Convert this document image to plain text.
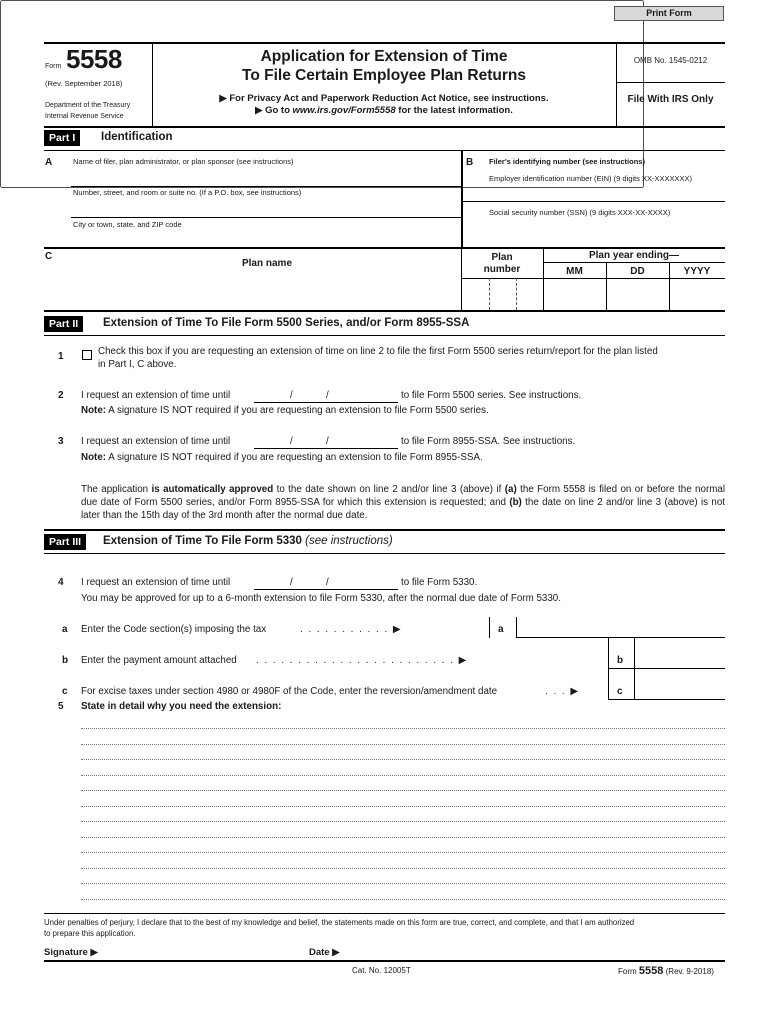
Print Form
Form 5558
(Rev. September 2018)
Department of the Treasury
Internal Revenue Service
Application for Extension of Time
To File Certain Employee Plan Returns
▶ For Privacy Act and Paperwork Reduction Act Notice, see instructions.
▶ Go to www.irs.gov/Form5558 for the latest information.
OMB No. 1545-0212
File With IRS Only
Part I	Identification
A	Name of filer, plan administrator, or plan sponsor (see instructions)
Number, street, and room or suite no. (If a P.O. box, see instructions)
City or town, state, and ZIP code
B Filer's identifying number (see instructions)
Employer identification number (EIN) (9 digits XX-XXXXXXX)
Social security number (SSN) (9 digits XXX-XX-XXXX)
C
Plan name
Plan
number
Plan year ending—
MM	DD	YYYY
Part II	Extension of Time To File Form 5500 Series, and/or Form 8955-SSA
1	Check this box if you are requesting an extension of time on line 2 to file the first Form 5500 series return/report for the plan listed
in Part I, C above.
2 I request an extension of time until	/	/	to file Form 5500 series. See instructions.
Note: A signature IS NOT required if you are requesting an extension to file Form 5500 series.
3 I request an extension of time until	/	/	to file Form 8955-SSA. See instructions.
Note: A signature IS NOT required if you are requesting an extension to file Form 8955-SSA.
The application is automatically approved to the date shown on line 2 and/or line 3 (above) if (a) the Form 5558 is filed on or before the normal due date of Form 5500 series, and/or Form 8955-SSA for which this extension is requested; and (b) the date on line 2 and/or line 3 (above) is not later than the 15th day of the 3rd month after the normal due date.
Part III	Extension of Time To File Form 5330 (see instructions)
4 I request an extension of time until	/	/	to file Form 5330.
You may be approved for up to a 6-month extension to file Form 5330, after the normal due date of Form 5330.
a Enter the Code section(s) imposing the tax	. . . . . . . . . . . ▶	a
b Enter the payment amount attached . . . . . . . . . . . . . . . . . . . . . . . . ▶	b
c For excise taxes under section 4980 or 4980F of the Code, enter the reversion/amendment date	. . . ▶	c
5 State in detail why you need the extension:
Under penalties of perjury, I declare that to the best of my knowledge and belief, the statements made on this form are true, correct, and complete, and that I am authorized
to prepare this application.
Signature ▶	Date ▶
Cat. No. 12005T	Form 5558 (Rev. 9-2018)
